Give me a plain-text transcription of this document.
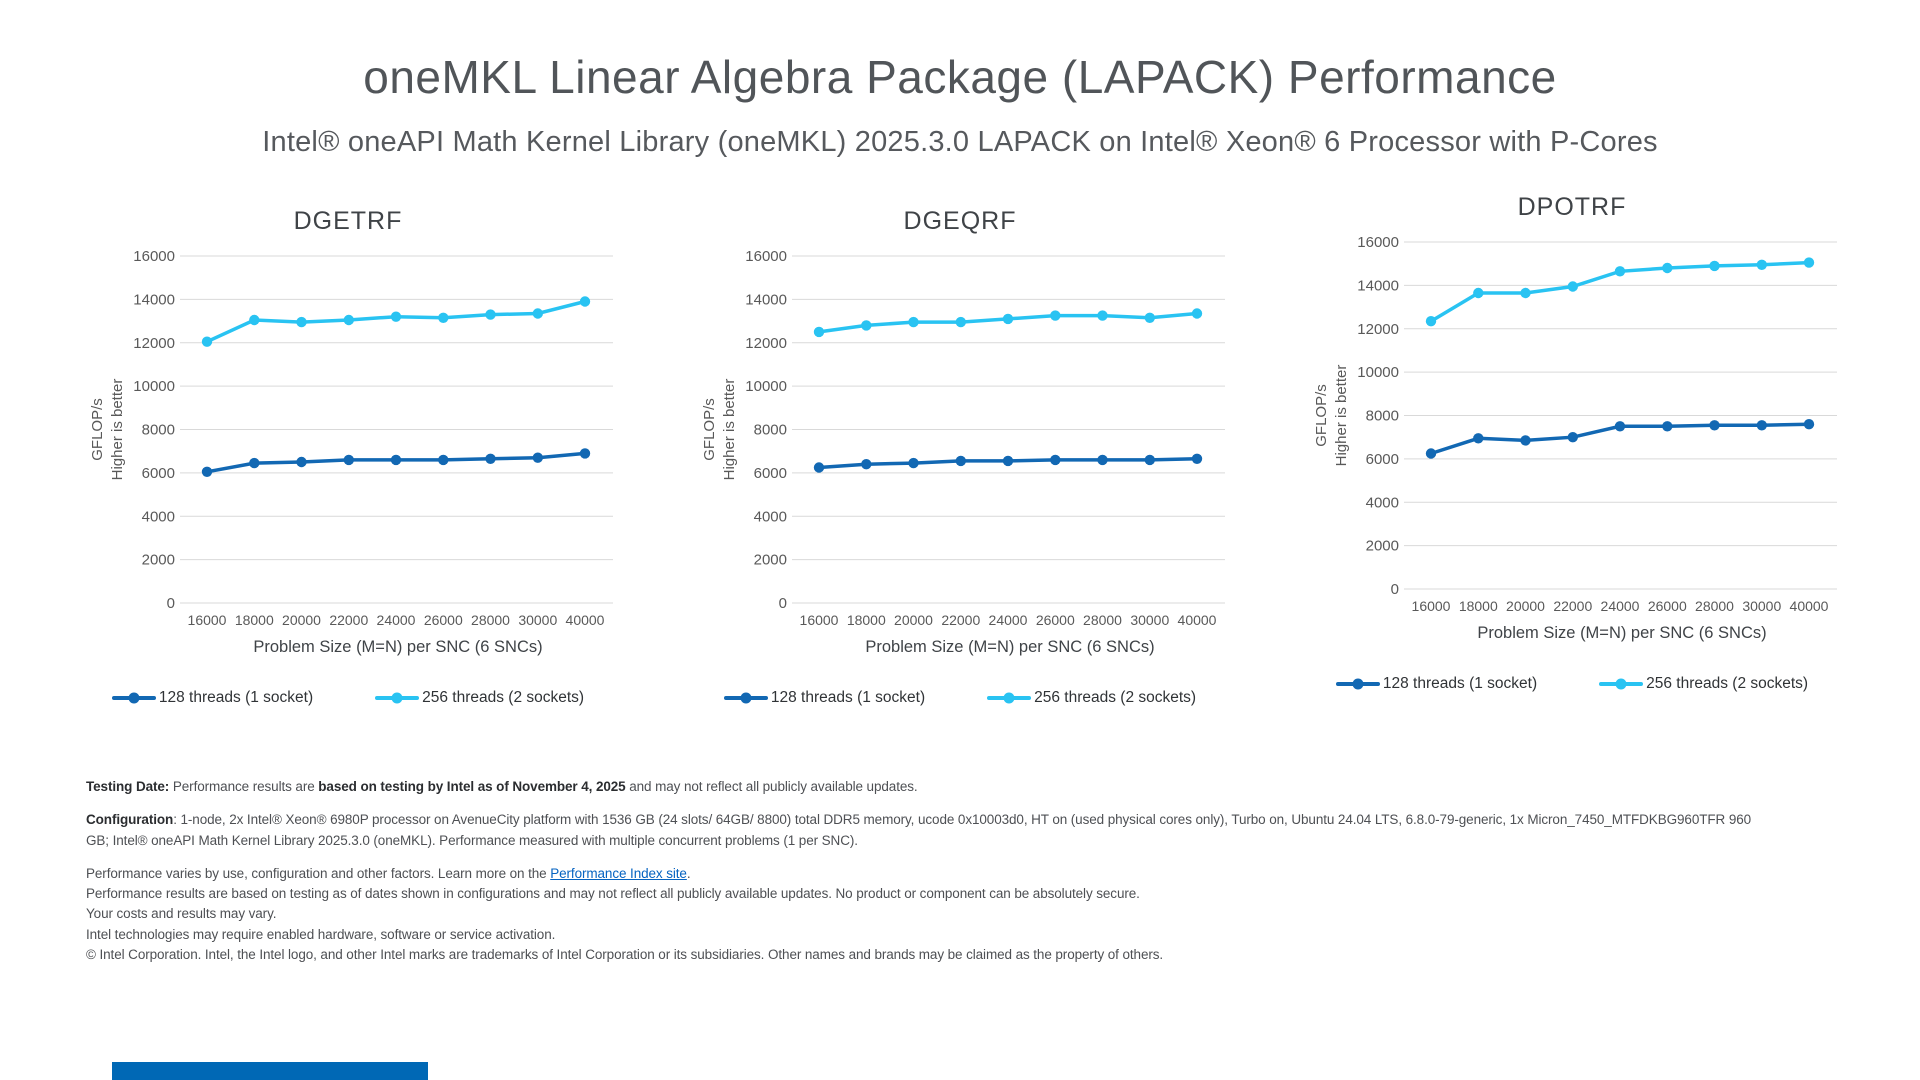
oneMKL Linear Algebra Package (LAPACK) Performance
Intel® oneAPI Math Kernel Library (oneMKL) 2025.3.0 LAPACK on Intel® Xeon® 6 Processor with P-Cores
DGETRF
0
2000
4000
6000
8000
10000
12000
14000
16000
GFLOP/s Higher is better
16000 18000 20000 22000 24000 26000 28000 30000 40000
Problem Size (M=N) per SNC (6 SNCs)
128 threads (1 socket)	256 threads (2 sockets)
DGEQRF
0
2000
4000
6000
8000
10000
12000
14000
16000
GFLOP/s Higher is better
16000 18000 20000 22000 24000 26000 28000 30000 40000
Problem Size (M=N) per SNC (6 SNCs)
128 threads (1 socket)	256 threads (2 sockets)
DPOTRF
0
2000
4000
6000
8000
10000
12000
14000
16000
GFLOP/s Higher is better
16000 18000 20000 22000 24000 26000 28000 30000 40000
Problem Size (M=N) per SNC (6 SNCs)
128 threads (1 socket)	256 threads (2 sockets)

Testing Date: Performance results are based on testing by Intel as of November 4, 2025 and may not reflect all publicly available updates.

Configuration: 1-node, 2x Intel® Xeon® 6980P processor on AvenueCity platform with 1536 GB (24 slots/ 64GB/ 8800) total DDR5 memory, ucode 0x10003d0, HT on (used physical cores only), Turbo on, Ubuntu 24.04 LTS, 6.8.0-79-generic, 1x Micron_7450_MTFDKBG960TFR 960 GB; Intel® oneAPI Math Kernel Library 2025.3.0 (oneMKL). Performance measured with multiple concurrent problems (1 per SNC).

Performance varies by use, configuration and other factors. Learn more on the Performance Index site.

Performance results are based on testing as of dates shown in configurations and may not reflect all publicly available updates. No product or component can be absolutely secure.

Your costs and results may vary.

Intel technologies may require enabled hardware, software or service activation.

© Intel Corporation. Intel, the Intel logo, and other Intel marks are trademarks of Intel Corporation or its subsidiaries. Other names and brands may be claimed as the property of others.
